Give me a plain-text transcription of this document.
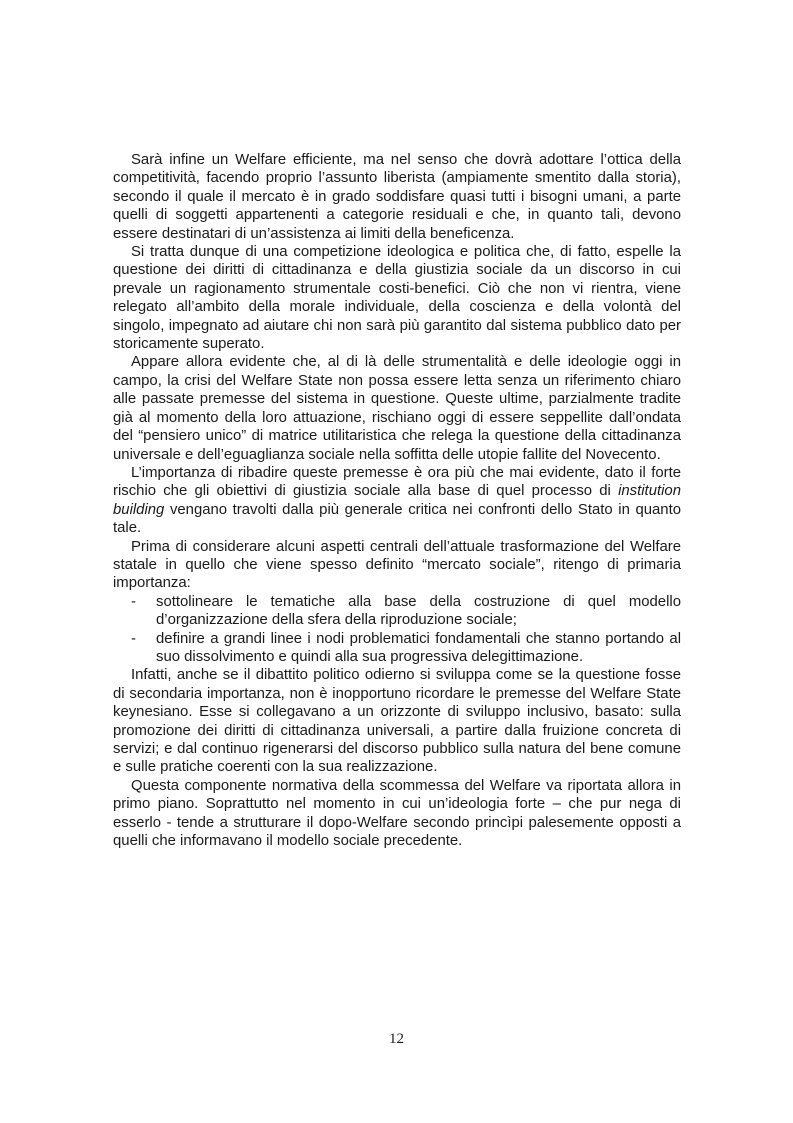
Sarà infine un Welfare efficiente, ma nel senso che dovrà adottare l’ottica della competitività, facendo proprio l’assunto liberista (ampiamente smentito dalla storia), secondo il quale il mercato è in grado soddisfare quasi tutti i bisogni umani, a parte quelli di soggetti appartenenti a categorie residuali e che, in quanto tali, devono essere destinatari di un’assistenza ai limiti della beneficenza.

Si tratta dunque di una competizione ideologica e politica che, di fatto, espelle la questione dei diritti di cittadinanza e della giustizia sociale da un discorso in cui prevale un ragionamento strumentale costi-benefici. Ciò che non vi rientra, viene relegato all’ambito della morale individuale, della coscienza e della volontà del singolo, impegnato ad aiutare chi non sarà più garantito dal sistema pubblico dato per storicamente superato.

Appare allora evidente che, al di là delle strumentalità e delle ideologie oggi in campo, la crisi del Welfare State non possa essere letta senza un riferimento chiaro alle passate premesse del sistema in questione. Queste ultime, parzialmente tradite già al momento della loro attuazione, rischiano oggi di essere seppellite dall’ondata del “pensiero unico” di matrice utilitaristica che relega la questione della cittadinanza universale e dell’eguaglianza sociale nella soffitta delle utopie fallite del Novecento.

L’importanza di ribadire queste premesse è ora più che mai evidente, dato il forte rischio che gli obiettivi di giustizia sociale alla base di quel processo di institution building vengano travolti dalla più generale critica nei confronti dello Stato in quanto tale.

Prima di considerare alcuni aspetti centrali dell’attuale trasformazione del Welfare statale in quello che viene spesso definito “mercato sociale”, ritengo di primaria importanza:

- sottolineare le tematiche alla base della costruzione di quel modello d’organizzazione della sfera della riproduzione sociale;
- definire a grandi linee i nodi problematici fondamentali che stanno portando al suo dissolvimento e quindi alla sua progressiva delegittimazione.

Infatti, anche se il dibattito politico odierno si sviluppa come se la questione fosse di secondaria importanza, non è inopportuno ricordare le premesse del Welfare State keynesiano. Esse si collegavano a un orizzonte di sviluppo inclusivo, basato: sulla promozione dei diritti di cittadinanza universali, a partire dalla fruizione concreta di servizi; e dal continuo rigenerarsi del discorso pubblico sulla natura del bene comune e sulle pratiche coerenti con la sua realizzazione.

Questa componente normativa della scommessa del Welfare va riportata allora in primo piano. Soprattutto nel momento in cui un’ideologia forte – che pur nega di esserlo - tende a strutturare il dopo-Welfare secondo princìpi palesemente opposti a quelli che informavano il modello sociale precedente.

12
